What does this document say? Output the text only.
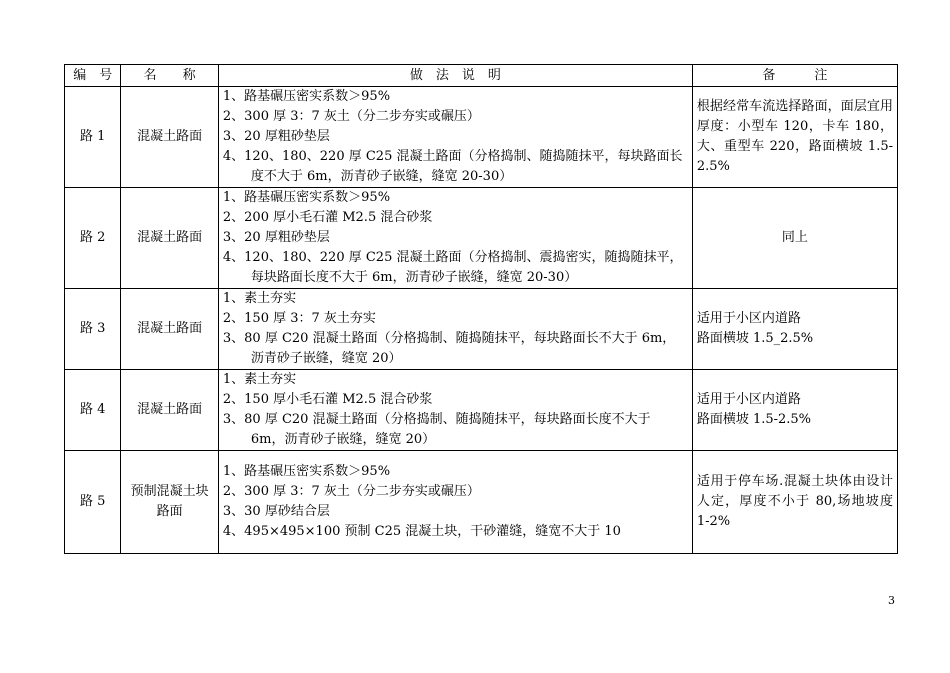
编　号	名　　称	做　法　说　明	备　　　注
路 1	混凝土路面	1、路基碾压密实系数＞95%
2、300 厚 3：7 灰土（分二步夯实或碾压）
3、20 厚粗砂垫层
4、120、180、220 厚 C25 混凝土路面（分格捣制、随捣随抹平，每块路面长度不大于 6m，沥青砂子嵌缝，缝宽 20-30）	根据经常车流选择路面，面层宜用厚度：小型车 120，卡车 180，大、重型车 220，路面横坡 1.5-2.5%
路 2	混凝土路面	1、路基碾压密实系数＞95%
2、200 厚小毛石灌 M2.5 混合砂浆
3、20 厚粗砂垫层
4、120、180、220 厚 C25 混凝土路面（分格捣制、震捣密实，随捣随抹平，每块路面长度不大于 6m，沥青砂子嵌缝，缝宽 20-30）	同上
路 3	混凝土路面	1、素土夯实
2、150 厚 3：7 灰土夯实
3、80 厚 C20 混凝土路面（分格捣制、随捣随抹平，每块路面长不大于 6m，沥青砂子嵌缝，缝宽 20）	适用于小区内道路
路面横坡 1.5_2.5%
路 4	混凝土路面	1、素土夯实
2、150 厚小毛石灌 M2.5 混合砂浆
3、80 厚 C20 混凝土路面（分格捣制、随捣随抹平，每块路面长度不大于 6m，沥青砂子嵌缝，缝宽 20）	适用于小区内道路
路面横坡 1.5-2.5%
路 5	预制混凝土块路面	1、路基碾压密实系数＞95%
2、300 厚 3：7 灰土（分二步夯实或碾压）
3、30 厚砂结合层
4、495×495×100 预制 C25 混凝土块，干砂灌缝，缝宽不大于 10	适用于停车场.混凝土块体由设计人定，厚度不小于 80,场地坡度 1-2%
3
